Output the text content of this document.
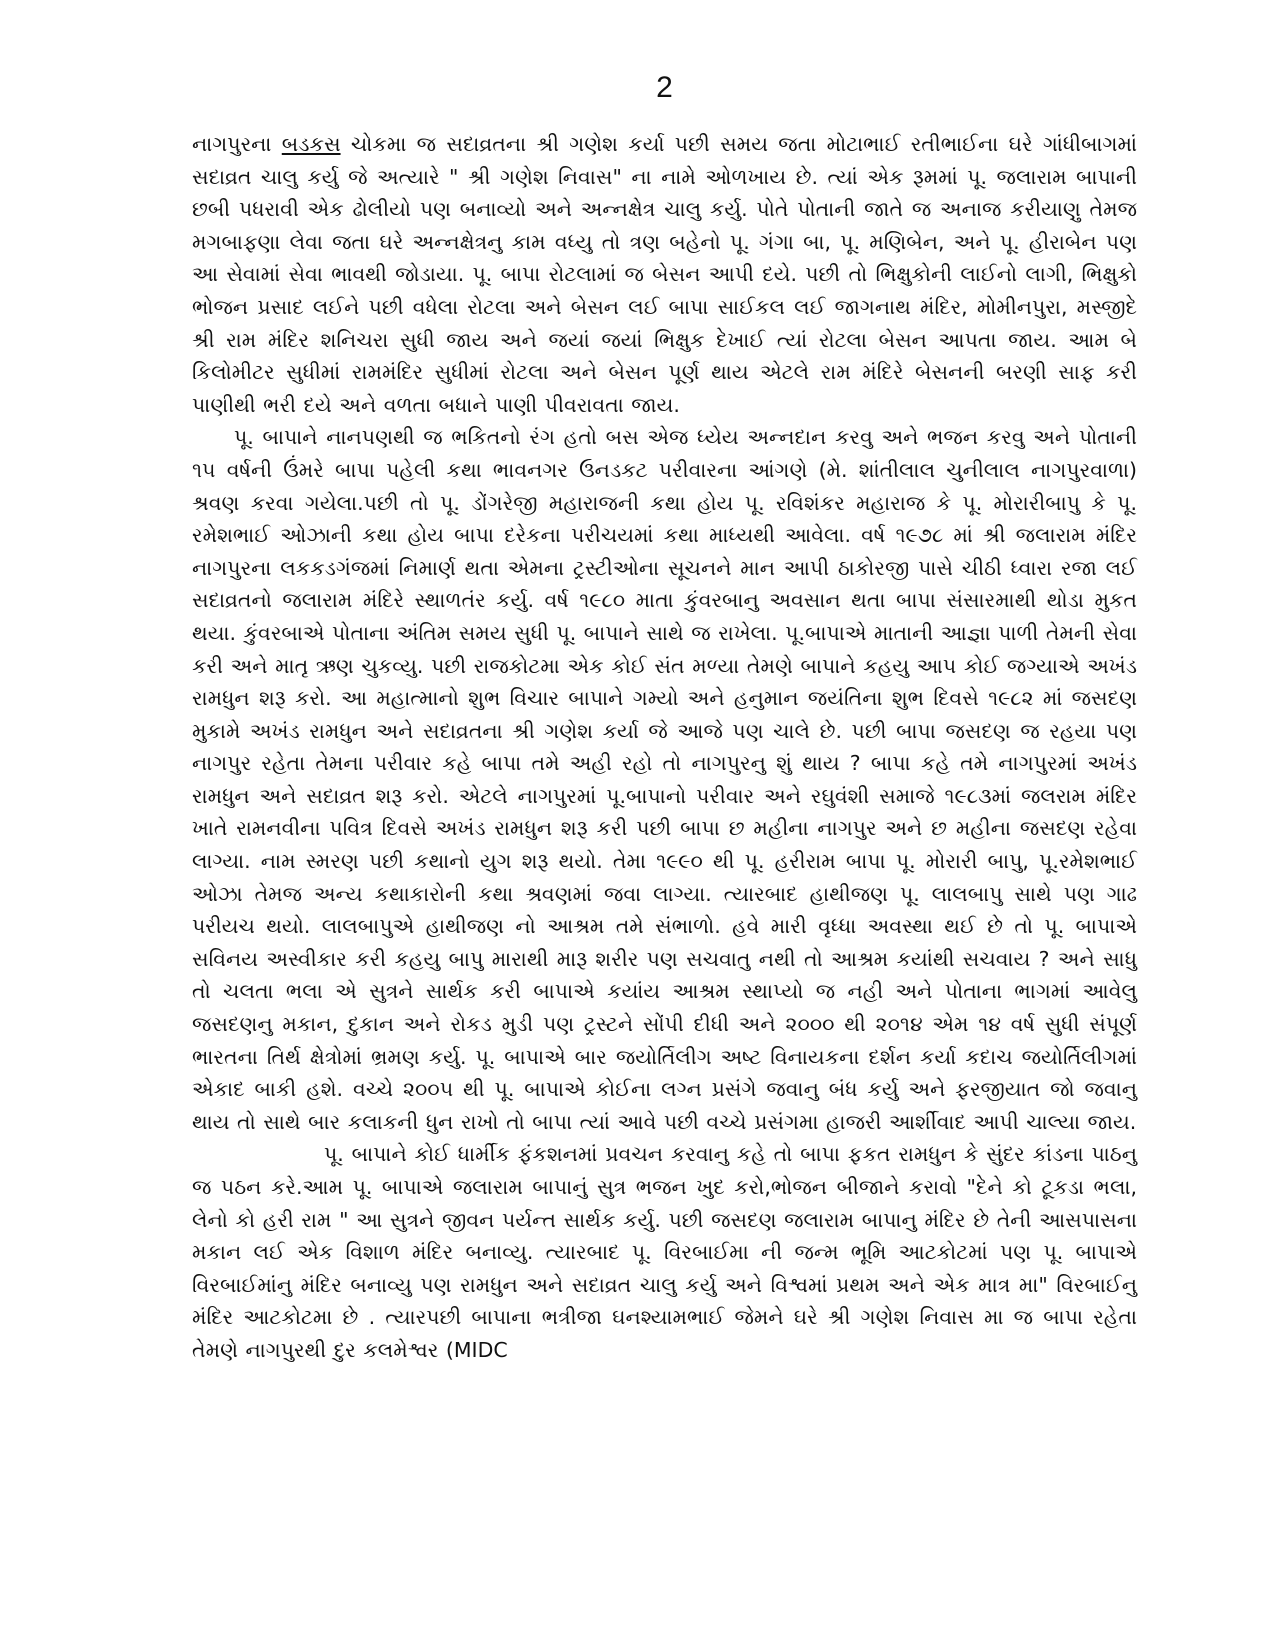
2

નાગપુરના બડકસ ચોકમા જ સદાવ્રતના શ્રી ગણેશ કર્યા પછી સમય જતા મોટાભાઈ રતીભાઈના ઘરે ગાંધીબાગમાં સદાવ્રત ચાલુ કર્યુ જે અત્યારે " શ્રી ગણેશ નિવાસ" ના નામે ઓળખાય છે. ત્યાં એક રૂમમાં પૂ. જલારામ બાપાની છબી પધરાવી એક ઢોલીયો પણ બનાવ્યો અને અન્નક્ષેત્ર ચાલુ કર્યુ. પોતે પોતાની જાતે જ અનાજ કરીયાણુ તેમજ મગબાફણા લેવા જતા ઘરે અન્નક્ષેત્રનુ કામ વધ્યુ તો ત્રણ બહેનો પૂ. ગંગા બા, પૂ. મણિબેન, અને પૂ. હીરાબેન પણ આ સેવામાં સેવા ભાવથી જોડાયા. પૂ. બાપા રોટલામાં જ બેસન આપી દયે. પછી તો ભિક્ષુકોની લાઈનો લાગી, ભિક્ષુકો ભોજન પ્રસાદ લઈને પછી વધેલા રોટલા અને બેસન લઈ બાપા સાઈકલ લઈ જાગનાથ મંદિર, મોમીનપુરા, મસ્જીદે શ્રી રામ મંદિર શનિચરા સુધી જાય અને જયાં જયાં ભિક્ષુક દેખાઈ ત્યાં રોટલા બેસન આપતા જાય. આમ બે કિલોમીટર સુધીમાં રામમંદિર સુધીમાં રોટલા અને બેસન પૂર્ણ થાય એટલે રામ મંદિરે બેસનની બરણી સાફ કરી પાણીથી ભરી દયે અને વળતા બધાને પાણી પીવરાવતા જાય.

પૂ. બાપાને નાનપણથી જ ભકિતનો રંગ હતો બસ એજ ધ્યેય અન્નદાન કરવુ અને ભજન કરવુ અને પોતાની ૧૫ વર્ષની ઉંમરે બાપા પહેલી કથા ભાવનગર ઉનડકટ પરીવારના આંગણે (મે. શાંતીલાલ ચુનીલાલ નાગપુરવાળા) શ્રવણ કરવા ગયેલા.પછી તો પૂ. ડોંગરેજી મહારાજની કથા હોય પૂ. રવિશંકર મહારાજ કે પૂ. મોરારીબાપુ કે પૂ. રમેશભાઈ ઓઝાની કથા હોય બાપા દરેકના પરીચયમાં કથા માધ્યથી આવેલા. વર્ષ ૧૯૭૮ માં શ્રી જલારામ મંદિર નાગપુરના લકકડગંજમાં નિમાર્ણ થતા એમના ટ્રસ્ટીઓના સૂચનને માન આપી ઠાકોરજી પાસે ચીઠી ધ્વારા રજા લઈ સદાવ્રતનો જલારામ મંદિરે સ્થાળતંર કર્યુ. વર્ષ ૧૯૮૦ માતા કુંવરબાનુ અવસાન થતા બાપા સંસારમાથી થોડા મુકત થયા. કુંવરબાએ પોતાના અંતિમ સમય સુધી પૂ. બાપાને સાથે જ રાખેલા. પૂ.બાપાએ માતાની આજ્ઞા પાળી તેમની સેવા કરી અને માતૃ ઋણ ચુકવ્યુ. પછી રાજકોટમા એક કોઈ સંત મળ્યા તેમણે બાપાને કહયુ આપ કોઈ જગ્યાએ અખંડ રામધુન શરૂ કરો. આ મહાત્માનો શુભ વિચાર બાપાને ગમ્યો અને હનુમાન જયંતિના શુભ દિવસે ૧૯૮૨ માં જસદણ મુકામે અખંડ રામધુન અને સદાવ્રતના શ્રી ગણેશ કર્યા જે આજે પણ ચાલે છે. પછી બાપા જસદણ જ રહયા પણ નાગપુર રહેતા તેમના પરીવાર કહે બાપા તમે અહી રહો તો નાગપુરનુ શું થાય ? બાપા કહે તમે નાગપુરમાં અખંડ રામધુન અને સદાવ્રત શરૂ કરો. એટલે નાગપુરમાં પૂ.બાપાનો પરીવાર અને રઘુવંશી સમાજે ૧૯૮૩માં જલરામ મંદિર ખાતે રામનવીના પવિત્ર દિવસે અખંડ રામધુન શરૂ કરી પછી બાપા છ મહીના નાગપુર અને છ મહીના જસદણ રહેવા લાગ્યા. નામ સ્મરણ પછી કથાનો યુગ શરૂ થયો. તેમા ૧૯૯૦ થી પૂ. હરીરામ બાપા પૂ. મોરારી બાપુ, પૂ.રમેશભાઈ ઓઝા તેમજ અન્ય કથાકારોની કથા શ્રવણમાં જવા લાગ્યા. ત્યારબાદ હાથીજણ પૂ. લાલબાપુ સાથે પણ ગાઢ પરીયચ થયો. લાલબાપુએ હાથીજણ નો આશ્રમ તમે સંભાળો. હવે મારી વૃધ્ધા અવસ્થા થઈ છે તો પૂ. બાપાએ સવિનય અસ્વીકાર કરી કહયુ બાપુ મારાથી મારૂ શરીર પણ સચવાતુ નથી તો આશ્રમ કયાંથી સચવાય ? અને સાધુ તો ચલતા ભલા એ સુત્રને સાર્થક કરી બાપાએ કયાંય આશ્રમ સ્થાપ્યો જ નહી અને પોતાના ભાગમાં આવેલુ જસદણનુ મકાન, દુકાન અને રોકડ મુડી પણ ટ્રસ્ટને સોંપી દીધી અને ૨૦૦૦ થી ૨૦૧૪ એમ ૧૪ વર્ષ સુધી સંપૂર્ણ ભારતના તિર્થ ક્ષેત્રોમાં ભ્રમણ કર્યુ. પૂ. બાપાએ બાર જયોર્તિલીગ અષ્ટ વિનાયકના દર્શન કર્યા કદાચ જયોર્તિલીગમાં એકાદ બાકી હશે. વચ્ચે ૨૦૦૫ થી પૂ. બાપાએ કોઈના લગ્ન પ્રસંગે જવાનુ બંધ કર્યુ અને ફરજીયાત જો જવાનુ થાય તો સાથે બાર કલાકની ધુન રાખો તો બાપા ત્યાં આવે પછી વચ્ચે પ્રસંગમા હાજરી આર્શીવાદ આપી ચાલ્યા જાય.

પૂ. બાપાને કોઈ ધાર્મીક ફંકશનમાં પ્રવચન કરવાનુ કહે તો બાપા ફકત રામધુન કે સુંદર કાંડના પાઠનુ જ પઠન કરે.આમ પૂ. બાપાએ જલારામ બાપાનું સુત્ર ભજન ખુદ કરો,ભોજન બીજાને કરાવો "દેને કો ટૂકડા ભલા, લેનો કો હરી રામ " આ સુત્રને જીવન પર્યન્ત સાર્થક કર્યુ. પછી જસદણ જલારામ બાપાનુ મંદિર છે તેની આસપાસના મકાન લઈ એક વિશાળ મંદિર બનાવ્યુ. ત્યારબાદ પૂ. વિરબાઈમા ની જન્મ ભૂમિ આટકોટમાં પણ પૂ. બાપાએ વિરબાઈમાંનુ મંદિર બનાવ્યુ પણ રામધુન અને સદાવ્રત ચાલુ કર્યુ અને વિશ્વમાં પ્રથમ અને એક માત્ર મા" વિરબાઈનુ મંદિર આટકોટમા છે . ત્યારપછી બાપાના ભત્રીજા ઘનશ્યામભાઈ જેમને ઘરે શ્રી ગણેશ નિવાસ મા જ બાપા રહેતા તેમણે નાગપુરથી દુર કલમેશ્વર (MIDC
